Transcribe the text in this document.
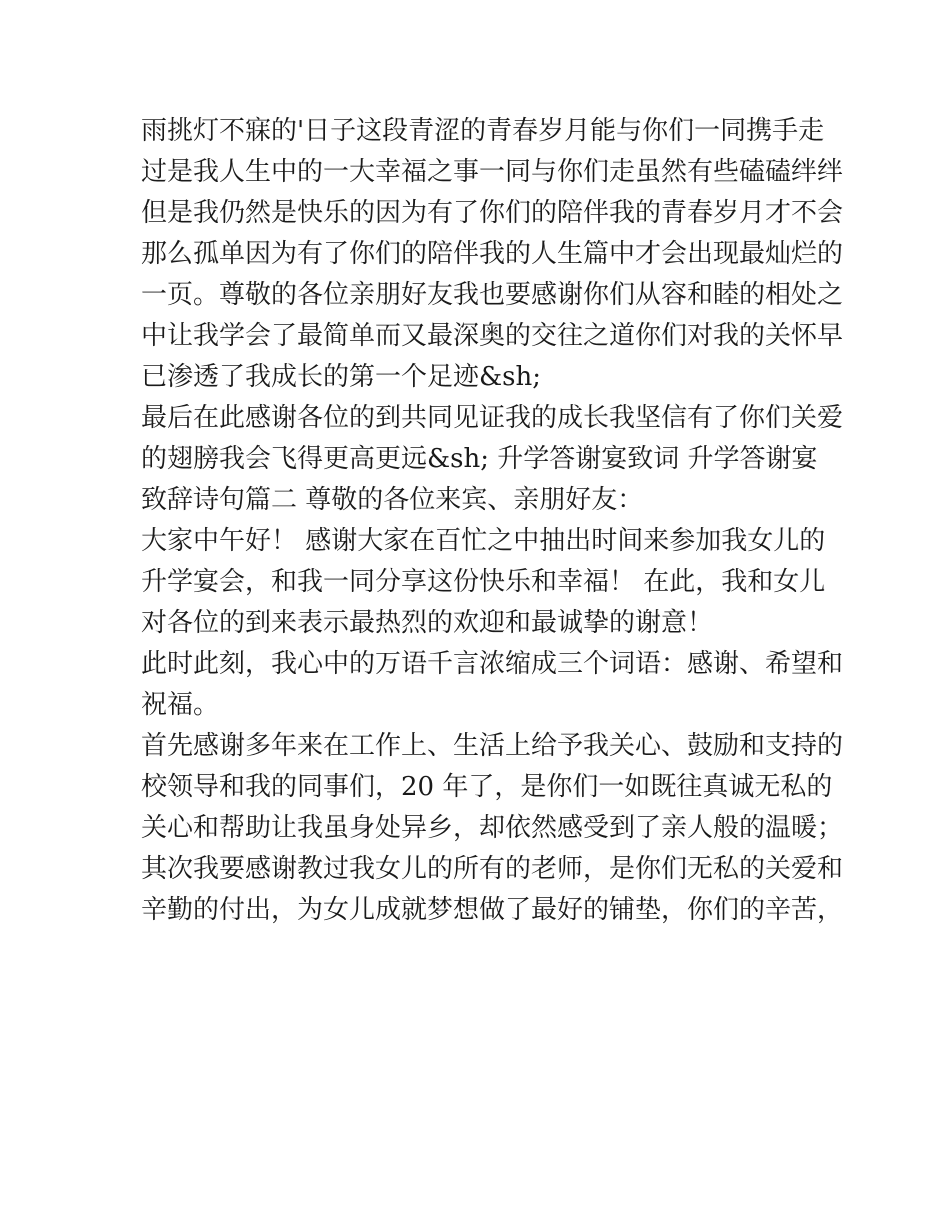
雨挑灯不寐的'日子这段青涩的青春岁月能与你们一同携手走
过是我人生中的一大幸福之事一同与你们走虽然有些磕磕绊绊
但是我仍然是快乐的因为有了你们的陪伴我的青春岁月才不会
那么孤单因为有了你们的陪伴我的人生篇中才会出现最灿烂的
一页。尊敬的各位亲朋好友我也要感谢你们从容和睦的相处之
中让我学会了最简单而又最深奥的交往之道你们对我的关怀早
已渗透了我成长的第一个足迹&sh;
最后在此感谢各位的到共同见证我的成长我坚信有了你们关爱
的翅膀我会飞得更高更远&sh; 升学答谢宴致词 升学答谢宴
致辞诗句篇二 尊敬的各位来宾、亲朋好友：
大家中午好！ 感谢大家在百忙之中抽出时间来参加我女儿的
升学宴会，和我一同分享这份快乐和幸福！ 在此，我和女儿
对各位的到来表示最热烈的欢迎和最诚挚的谢意！
此时此刻，我心中的万语千言浓缩成三个词语：感谢、希望和
祝福。
首先感谢多年来在工作上、生活上给予我关心、鼓励和支持的
校领导和我的同事们，20 年了，是你们一如既往真诚无私的
关心和帮助让我虽身处异乡，却依然感受到了亲人般的温暖；
其次我要感谢教过我女儿的所有的老师，是你们无私的关爱和
辛勤的付出，为女儿成就梦想做了最好的铺垫，你们的辛苦，
